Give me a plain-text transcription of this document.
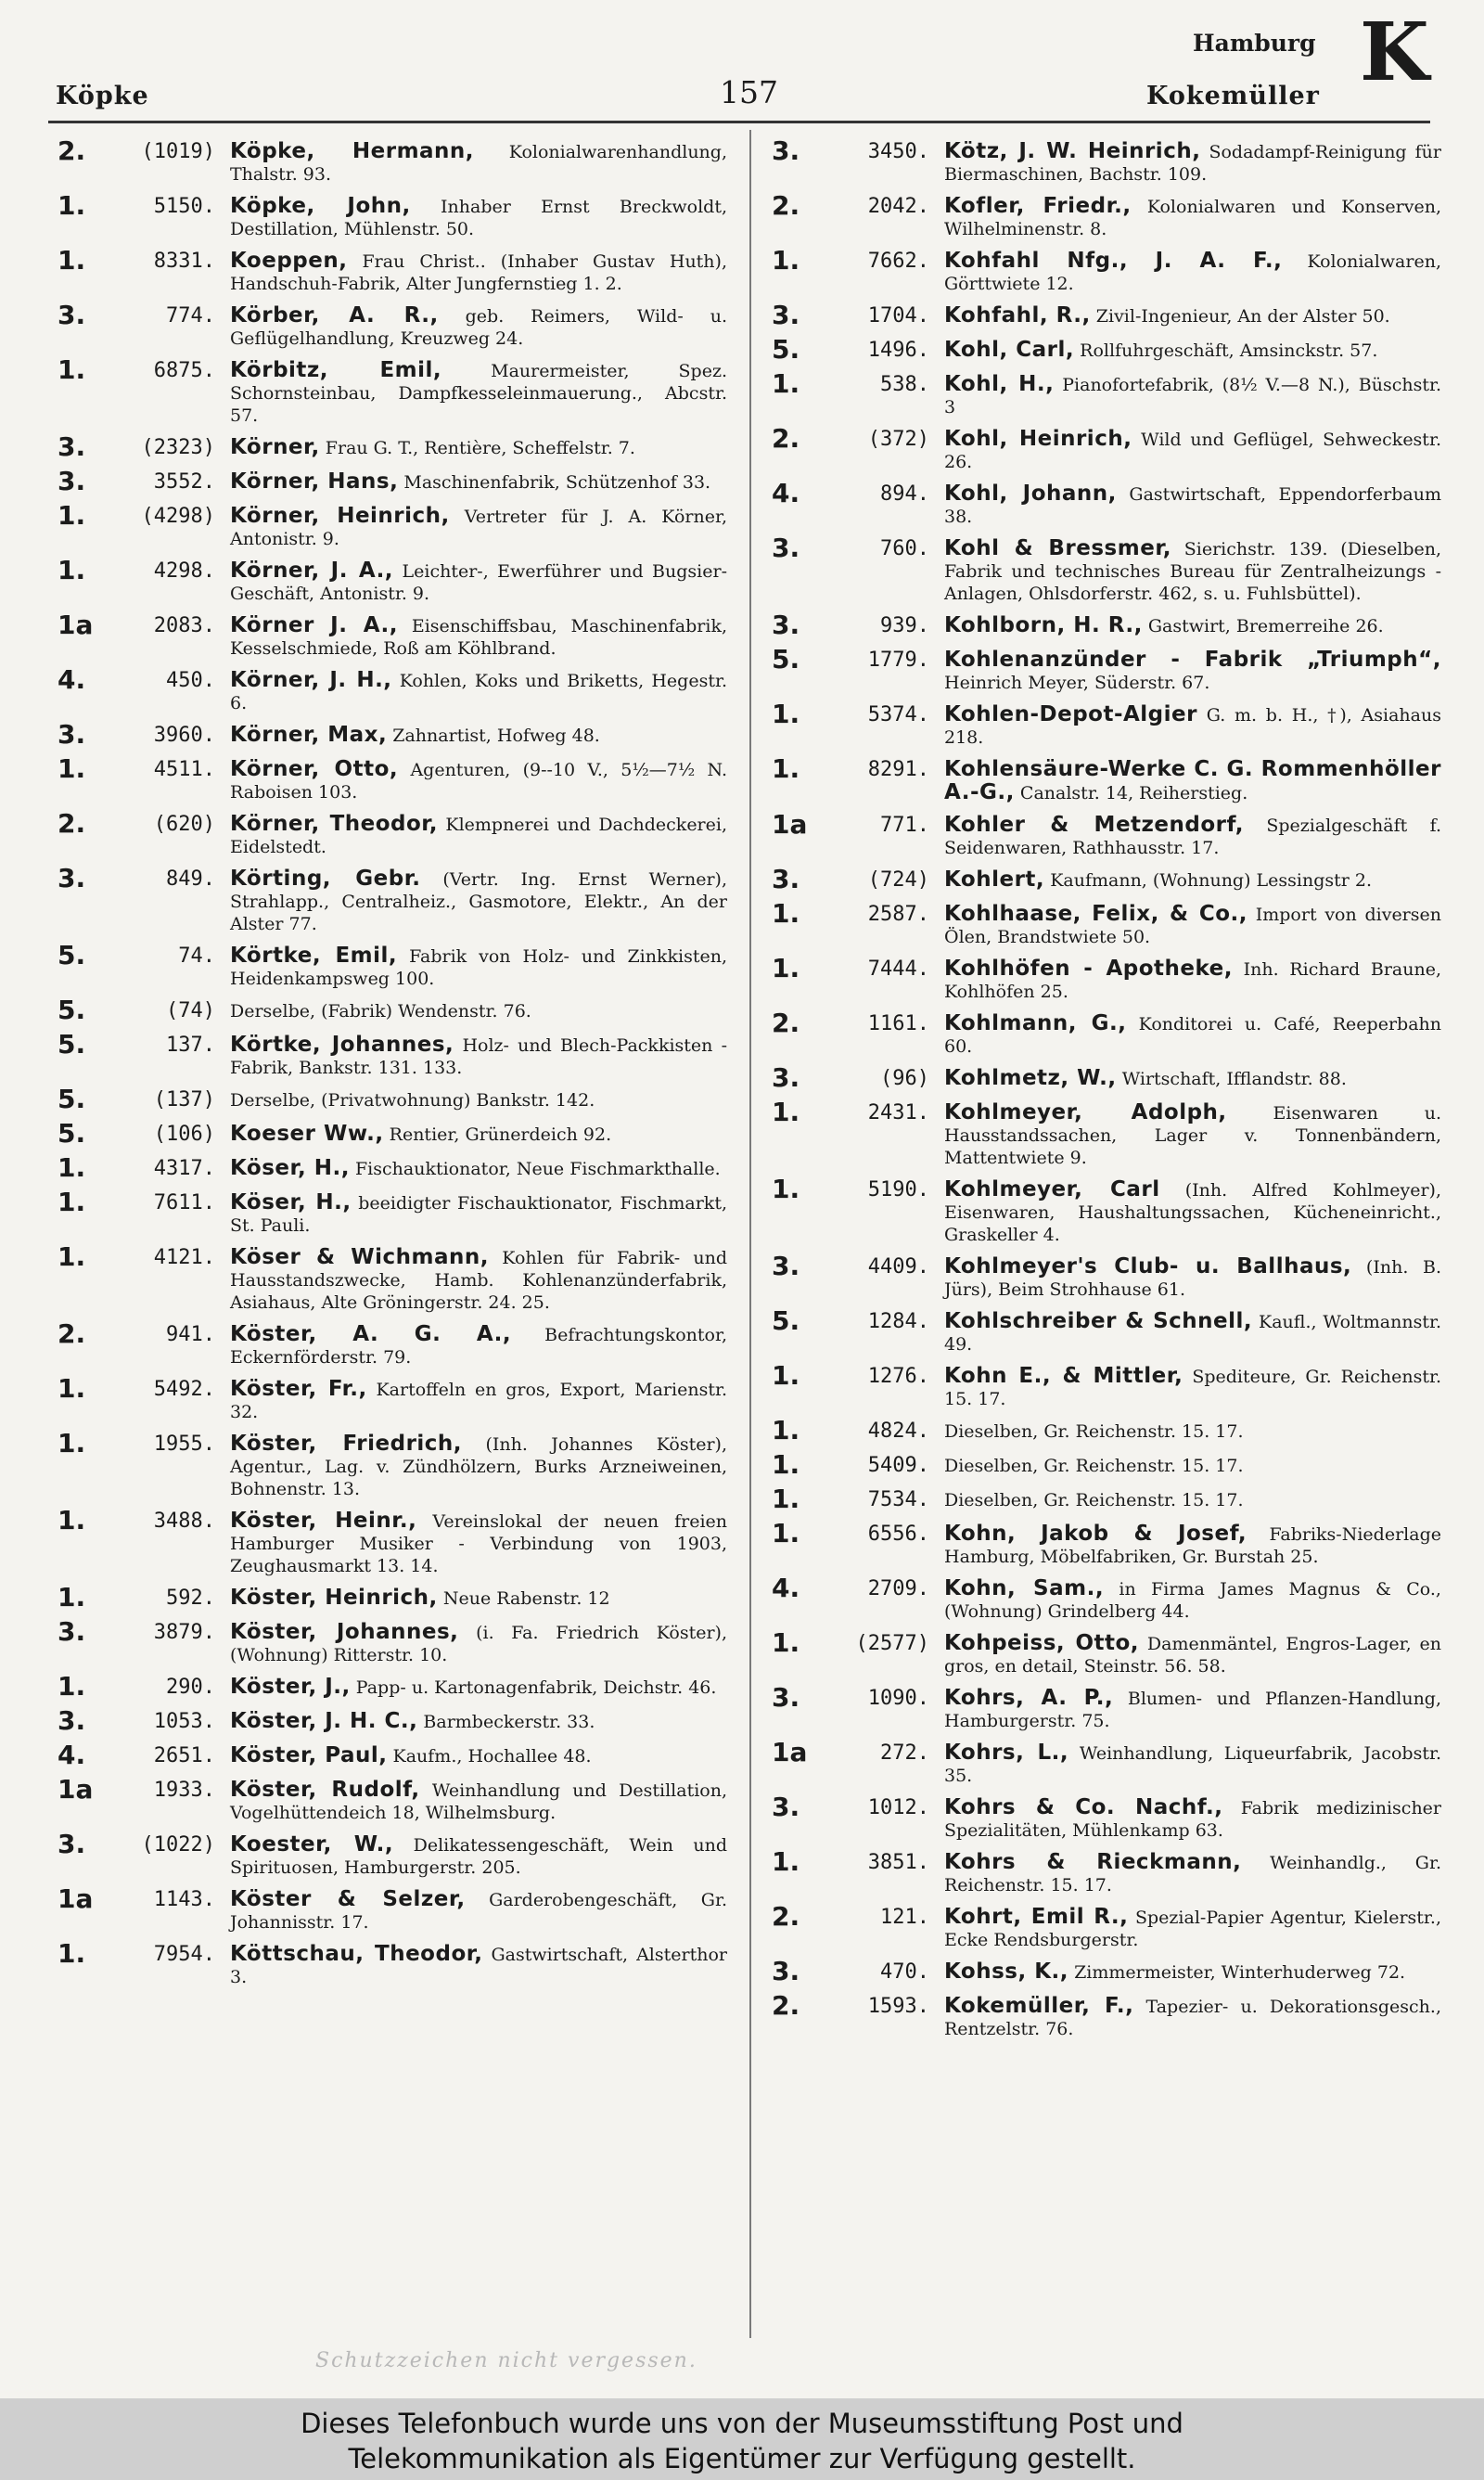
Köpke	157
Hamburg
Kokemüller K
2.	(1019) Köpke, Hermann, Kolonialwarenhandlung, Thalstr. 93.
1.	5150. Köpke, John, Inhaber Ernst Breckwoldt, Destillation, Mühlenstr. 50.
1.	8331. Koeppen, Frau Christ.. (Inhaber Gustav Huth), Handschuh-Fabrik, Alter Jungfernstieg 1. 2.
3.	774. Körber, A. R., geb. Reimers, Wild- u. Geflügelhandlung, Kreuzweg 24.
1.	6875. Körbitz, Emil,	Maurermeister, Spez. Schornsteinbau, Dampfkesseleinmauerung., Abcstr. 57.
3.	(2323) Körner, Frau G. T., Rentière, Scheffelstr. 7.
3.	3552. Körner, Hans, Maschinenfabrik, Schützenhof 33.
1.	(4298) Körner, Heinrich, Vertreter für J. A. Körner, Antonistr. 9.
1.	4298. Körner, J. A., Leichter-, Ewerführer und Bugsier-Geschäft, Antonistr. 9.
1a	2083. Körner J. A., Eisenschiffsbau, Maschinenfabrik, Kesselschmiede, Roß am Köhlbrand.
4.	450. Körner, J. H., Kohlen, Koks und Briketts, Hegestr. 6.
3.	3960. Körner, Max, Zahnartist, Hofweg 48.
1.	4511. Körner, Otto, Agenturen, (9--10 V., 5½—7½ N. Raboisen 103.
2.	(620) Körner, Theodor, Klempnerei und Dachdeckerei, Eidelstedt.
3.	849. Körting, Gebr. (Vertr. Ing. Ernst Werner), Strahlapp., Centralheiz., Gasmotore, Elektr., An der Alster 77.
5.	74. Körtke, Emil, Fabrik von Holz- und Zinkkisten, Heidenkampsweg 100.
5.	(74) Derselbe, (Fabrik) Wendenstr. 76.
5.	137. Körtke, Johannes, Holz- und Blech-Packkisten - Fabrik, Bankstr. 131. 133.
5.	(137) Derselbe, (Privatwohnung) Bankstr. 142.
5.	(106) Koeser Ww., Rentier, Grünerdeich 92.
1.	4317. Köser, H., Fischauktionator, Neue Fischmarkthalle.
1.	7611. Köser, H., beeidigter Fischauktionator, Fischmarkt, St. Pauli.
1.	4121. Köser & Wichmann, Kohlen für Fabrik- und Hausstandszwecke, Hamb. Kohlenanzünderfabrik, Asiahaus, Alte Gröningerstr. 24. 25.
2.	941. Köster, A. G. A., Befrachtungskontor, Eckernförderstr. 79.
1.	5492. Köster, Fr., Kartoffeln en gros, Export, Marienstr. 32.
1.	1955. Köster, Friedrich, (Inh. Johannes Köster), Agentur., Lag. v. Zündhölzern, Burks Arzneiweinen, Bohnenstr. 13.
1.	3488. Köster, Heinr., Vereinslokal der neuen freien Hamburger Musiker - Verbindung von 1903, Zeughausmarkt 13. 14.
1.	592. Köster, Heinrich, Neue Rabenstr. 12
3.	3879. Köster, Johannes, (i. Fa. Friedrich Köster), (Wohnung) Ritterstr. 10.
1.	290. Köster, J., Papp- u. Kartonagenfabrik, Deichstr. 46.
3.	1053. Köster, J. H. C., Barmbeckerstr. 33.
4.	2651. Köster, Paul, Kaufm., Hochallee 48.
1a	1933. Köster, Rudolf, Weinhandlung und Destillation, Vogelhüttendeich 18, Wilhelmsburg.
3.	(1022) Koester, W., Delikatessengeschäft, Wein und Spirituosen, Hamburgerstr. 205.
1a	1143. Köster & Selzer, Garderobengeschäft, Gr. Johannisstr. 17.
1.	7954. Köttschau, Theodor, Gastwirtschaft, Alsterthor 3.
3.	3450. Kötz, J. W. Heinrich, Sodadampf-Reinigung für Biermaschinen, Bachstr. 109.
2.	2042. Kofler, Friedr., Kolonialwaren und Konserven, Wilhelminenstr. 8.
1.	7662. Kohfahl Nfg., J. A. F., Kolonialwaren, Görttwiete 12.
3.	1704. Kohfahl, R., Zivil-Ingenieur, An der Alster 50.
5.	1496. Kohl, Carl, Rollfuhrgeschäft, Amsinckstr. 57.
1.	538. Kohl, H., Pianofortefabrik, (8½ V.—8 N.), Büschstr. 3
2.	(372) Kohl, Heinrich, Wild und Geflügel, Sehweckestr. 26.
4.	894. Kohl, Johann, Gastwirtschaft, Eppendorferbaum 38.
3.	760. Kohl & Bressmer, Sierichstr. 139. (Dieselben, Fabrik und technisches Bureau für Zentralheizungs - Anlagen, Ohlsdorferstr. 462, s. u. Fuhlsbüttel).
3.	939. Kohlborn, H. R., Gastwirt, Bremerreihe 26.
5.	1779. Kohlenanzünder - Fabrik „Triumph“, Heinrich Meyer, Süderstr. 67.
1.	5374. Kohlen-Depot-Algier G. m. b. H., †), Asiahaus 218.
1.	8291. Kohlensäure-Werke C. G. Rommenhöller A.-G., Canalstr. 14, Reiherstieg.
1a	771. Kohler & Metzendorf, Spezialgeschäft f. Seidenwaren, Rathhausstr. 17.
3.	(724) Kohlert, Kaufmann, (Wohnung) Lessingstr 2.
1.	2587. Kohlhaase, Felix, & Co., Import von diversen Ölen, Brandstwiete 50.
1.	7444. Kohlhöfen - Apotheke, Inh. Richard Braune, Kohlhöfen 25.
2.	1161. Kohlmann, G., Konditorei u. Café, Reeperbahn 60.
3.	(96) Kohlmetz, W., Wirtschaft, Ifflandstr. 88.
1.	2431. Kohlmeyer, Adolph,	Eisenwaren u. Hausstandssachen, Lager v. Tonnenbändern, Mattentwiete 9.
1.	5190. Kohlmeyer, Carl (Inh. Alfred Kohlmeyer), Eisenwaren, Haushaltungssachen, Kücheneinricht., Graskeller 4.
3.	4409. Kohlmeyer's Club- u. Ballhaus, (Inh. B. Jürs), Beim Strohhause 61.
5.	1284. Kohlschreiber & Schnell, Kaufl., Woltmannstr. 49.
1.	1276. Kohn E., & Mittler, Spediteure, Gr. Reichenstr. 15. 17.
1.	4824. Dieselben, Gr. Reichenstr. 15. 17.
1.	5409. Dieselben, Gr. Reichenstr. 15. 17.
1.	7534. Dieselben, Gr. Reichenstr. 15. 17.
1.	6556. Kohn, Jakob & Josef, Fabriks-Niederlage Hamburg, Möbelfabriken, Gr. Burstah 25.
4.	2709. Kohn, Sam., in Firma James Magnus & Co., (Wohnung) Grindelberg 44.
1.	(2577) Kohpeiss, Otto, Damenmäntel, Engros-Lager, en gros, en detail, Steinstr. 56. 58.
3.	1090. Kohrs, A. P., Blumen- und Pflanzen-Handlung, Hamburgerstr. 75.
1a	272. Kohrs, L., Weinhandlung, Liqueurfabrik, Jacobstr. 35.
3.	1012. Kohrs & Co. Nachf., Fabrik medizinischer Spezialitäten, Mühlenkamp 63.
1.	3851. Kohrs & Rieckmann, Weinhandlg., Gr. Reichenstr. 15. 17.
2.	121. Kohrt, Emil R., Spezial-Papier Agentur, Kielerstr., Ecke Rendsburgerstr.
3.	470. Kohss, K., Zimmermeister, Winterhuderweg 72.
2.	1593. Kokemüller, F., Tapezier- u. Dekorationsgesch., Rentzelstr. 76.
Schutzzeichen nicht vergessen.
Dieses Telefonbuch wurde uns von der Museumsstiftung Post und
Telekommunikation als Eigentümer zur Verfügung gestellt.
